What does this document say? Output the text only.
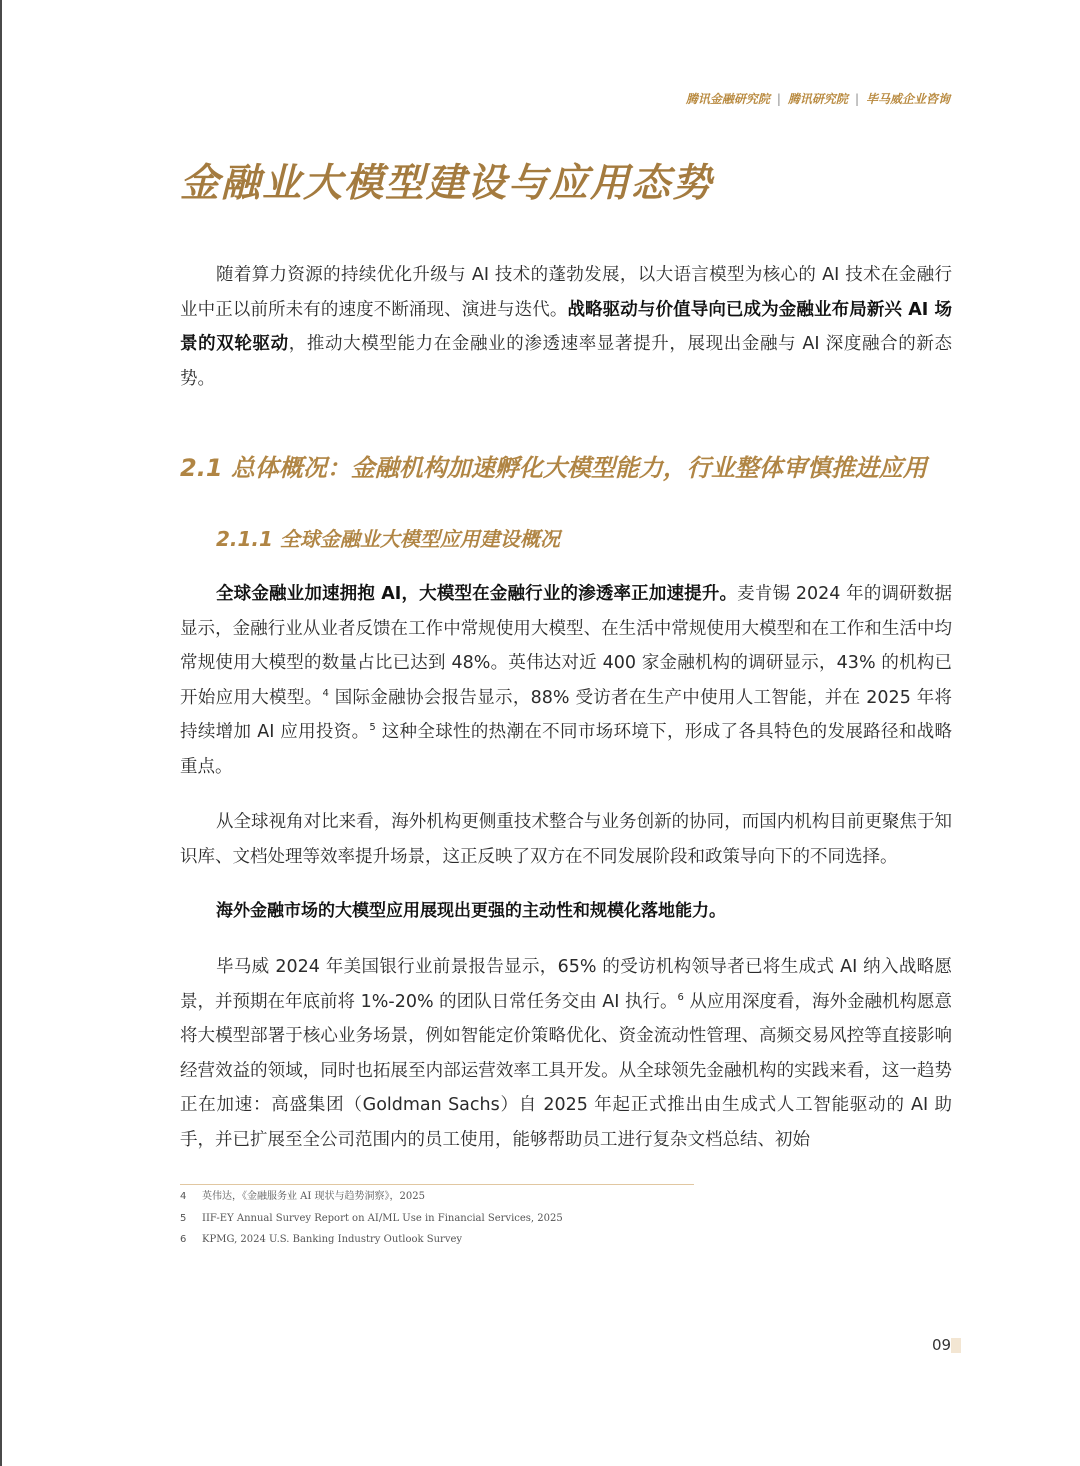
腾讯金融研究院 | 腾讯研究院 | 毕马威企业咨询
金融业大模型建设与应用态势

随着算力资源的持续优化升级与 AI 技术的蓬勃发展，以大语言模型为核心的 AI 技术在金融行业中正以前所未有的速度不断涌现、演进与迭代。战略驱动与价值导向已成为金融业布局新兴 AI 场景的双轮驱动，推动大模型能力在金融业的渗透速率显著提升，展现出金融与 AI 深度融合的新态势。

2.1 总体概况：金融机构加速孵化大模型能力，行业整体审慎推进应用
2.1.1 全球金融业大模型应用建设概况

全球金融业加速拥抱 AI，大模型在金融行业的渗透率正加速提升。麦肯锡 2024 年的调研数据显示，金融行业从业者反馈在工作中常规使用大模型、在生活中常规使用大模型和在工作和生活中均常规使用大模型的数量占比已达到 48%。英伟达对近 400 家金融机构的调研显示，43% 的机构已开始应用大模型。$^4$ 国际金融协会报告显示，88% 受访者在生产中使用人工智能，并在 2025 年将持续增加 AI 应用投资。$^5$ 这种全球性的热潮在不同市场环境下，形成了各具特色的发展路径和战略重点。

从全球视角对比来看，海外机构更侧重技术整合与业务创新的协同，而国内机构目前更聚焦于知识库、文档处理等效率提升场景，这正反映了双方在不同发展阶段和政策导向下的不同选择。

海外金融市场的大模型应用展现出更强的主动性和规模化落地能力。

毕马威 2024 年美国银行业前景报告显示，65% 的受访机构领导者已将生成式 AI 纳入战略愿景，并预期在年底前将 1%-20% 的团队日常任务交由 AI 执行。$^6$ 从应用深度看，海外金融机构愿意将大模型部署于核心业务场景，例如智能定价策略优化、资金流动性管理、高频交易风控等直接影响经营效益的领域，同时也拓展至内部运营效率工具开发。从全球领先金融机构的实践来看，这一趋势正在加速：高盛集团（Goldman Sachs）自 2025 年起正式推出由生成式人工智能驱动的 AI 助手，并已扩展至全公司范围内的员工使用，能够帮助员工进行复杂文档总结、初始

4 英伟达，《金融服务业 AI 现状与趋势洞察》，2025
5 IIF-EY Annual Survey Report on AI/ML Use in Financial Services, 2025
6 KPMG, 2024 U.S. Banking Industry Outlook Survey
09
